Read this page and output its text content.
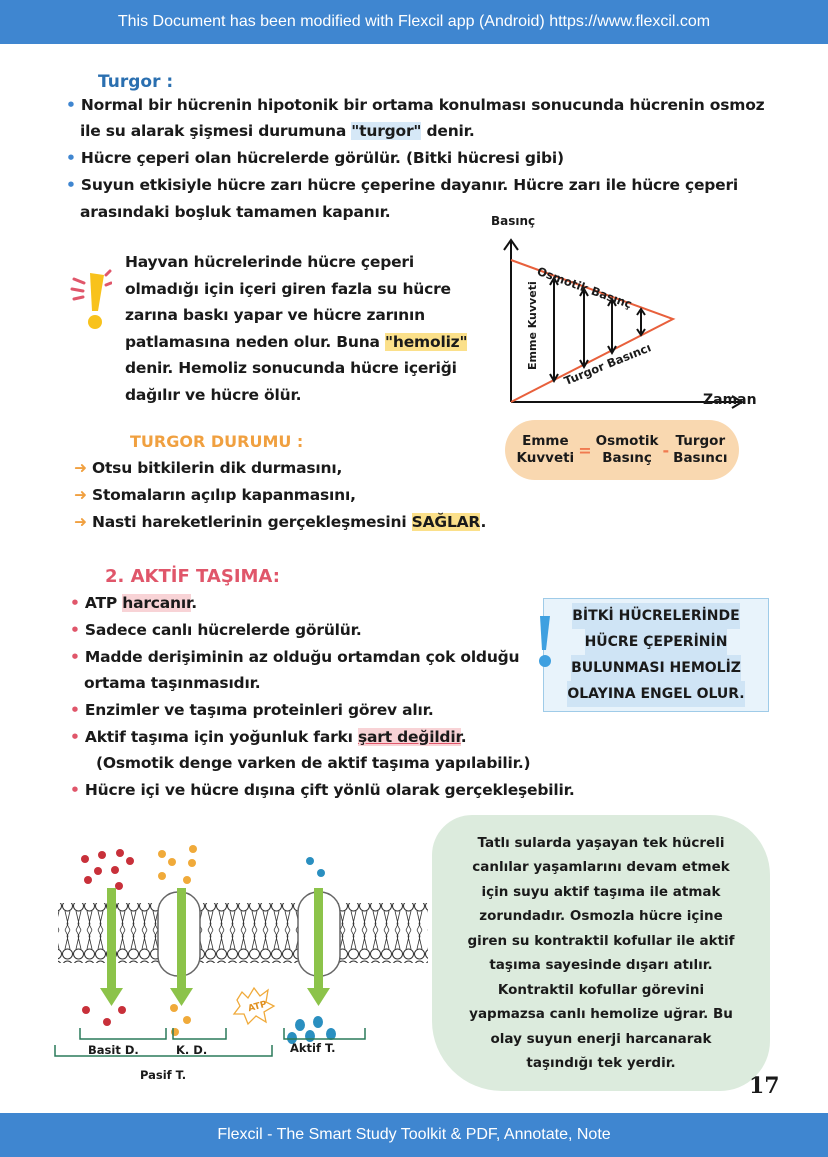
This Document has been modified with Flexcil app (Android) https://www.flexcil.com
Turgor :
• Normal bir hücrenin hipotonik bir ortama konulması sonucunda hücrenin osmoz
ile su alarak şişmesi durumuna "turgor" denir.
• Hücre çeperi olan hücrelerde görülür. (Bitki hücresi gibi)
• Suyun etkisiyle hücre zarı hücre çeperine dayanır. Hücre zarı ile hücre çeperi
arasındaki boşluk tamamen kapanır.
Hayvan hücrelerinde hücre çeperi
olmadığı için içeri giren fazla su hücre
zarına baskı yapar ve hücre zarının
patlamasına neden olur. Buna "hemoliz"
denir. Hemoliz sonucunda hücre içeriği
dağılır ve hücre ölür.
Basınç
Zaman
Osmotik Basınç
Turgor Basıncı
Emme Kuvveti
Emme
Kuvveti = Osmotik
Basınç - Turgor
Basıncı
TURGOR DURUMU :
➜ Otsu bitkilerin dik durmasını,
➜ Stomaların açılıp kapanmasını,
➜ Nasti hareketlerinin gerçekleşmesini SAĞLAR.
2. AKTİF TAŞIMA:
• ATP harcanır.
• Sadece canlı hücrelerde görülür.
• Madde derişiminin az olduğu ortamdan çok olduğu
ortama taşınmasıdır.
• Enzimler ve taşıma proteinleri görev alır.
• Aktif taşıma için yoğunluk farkı şart değildir.
(Osmotik denge varken de aktif taşıma yapılabilir.)
• Hücre içi ve hücre dışına çift yönlü olarak gerçekleşebilir.
BİTKİ HÜCRELERİNDE
HÜCRE ÇEPERİNİN
BULUNMASI HEMOLİZ
OLAYINA ENGEL OLUR.
ATP
Basit D.	K. D.	Aktif T.
Pasif T.
Tatlı sularda yaşayan tek hücreli
canlılar yaşamlarını devam etmek
için suyu aktif taşıma ile atmak
zorundadır. Osmozla hücre içine
giren su kontraktil kofullar ile aktif
taşıma sayesinde dışarı atılır.
Kontraktil kofullar görevini
yapmazsa canlı hemolize uğrar. Bu
olay suyun enerji harcanarak
taşındığı tek yerdir.
17
Flexcil - The Smart Study Toolkit & PDF, Annotate, Note
